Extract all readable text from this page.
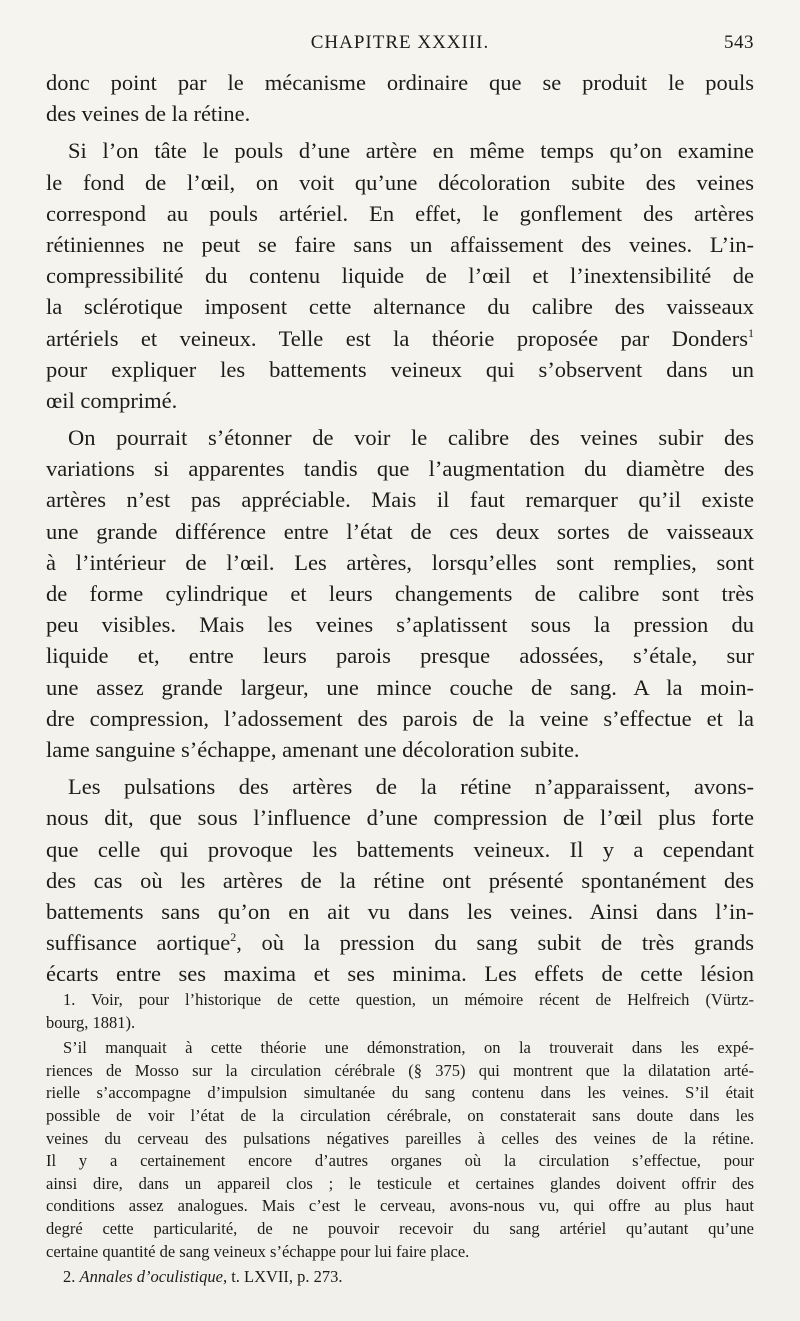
CHAPITRE XXXIII.	543
donc point par le mécanisme ordinaire que se produit le pouls
des veines de la rétine.
Si l’on tâte le pouls d’une artère en même temps qu’on examine
le fond de l’œil, on voit qu’une décoloration subite des veines
correspond au pouls artériel. En effet, le gonflement des artères
rétiniennes ne peut se faire sans un affaissement des veines. L’in-
compressibilité du contenu liquide de l’œil et l’inextensibilité de
la sclérotique imposent cette alternance du calibre des vaisseaux
artériels et veineux. Telle est la théorie proposée par Donders$^1$
pour expliquer les battements veineux qui s’observent dans un
œil comprimé.
On pourrait s’étonner de voir le calibre des veines subir des
variations si apparentes tandis que l’augmentation du diamètre des
artères n’est pas appréciable. Mais il faut remarquer qu’il existe
une grande différence entre l’état de ces deux sortes de vaisseaux
à l’intérieur de l’œil. Les artères, lorsqu’elles sont remplies, sont
de forme cylindrique et leurs changements de calibre sont très
peu visibles. Mais les veines s’aplatissent sous la pression du
liquide et, entre leurs parois presque adossées, s’étale, sur
une assez grande largeur, une mince couche de sang. A la moin-
dre compression, l’adossement des parois de la veine s’effectue et la
lame sanguine s’échappe, amenant une décoloration subite.
Les pulsations des artères de la rétine n’apparaissent, avons-
nous dit, que sous l’influence d’une compression de l’œil plus forte
que celle qui provoque les battements veineux. Il y a cependant
des cas où les artères de la rétine ont présenté spontanément des
battements sans qu’on en ait vu dans les veines. Ainsi dans l’in-
suffisance aortique$^2$, où la pression du sang subit de très grands
écarts entre ses maxima et ses minima. Les effets de cette lésion
1. Voir, pour l’historique de cette question, un mémoire récent de Helfreich (Vürtz-
bourg, 1881).
S’il manquait à cette théorie une démonstration, on la trouverait dans les expé-
riences de Mosso sur la circulation cérébrale (§ 375) qui montrent que la dilatation arté-
rielle s’accompagne d’impulsion simultanée du sang contenu dans les veines. S’il était
possible de voir l’état de la circulation cérébrale, on constaterait sans doute dans les
veines du cerveau des pulsations négatives pareilles à celles des veines de la rétine.
Il y a certainement encore d’autres organes où la circulation s’effectue, pour
ainsi dire, dans un appareil clos ; le testicule et certaines glandes doivent offrir des
conditions assez analogues. Mais c’est le cerveau, avons-nous vu, qui offre au plus haut
degré cette particularité, de ne pouvoir recevoir du sang artériel qu’autant qu’une
certaine quantité de sang veineux s’échappe pour lui faire place.
2. Annales d’oculistique, t. LXVII, p. 273.
